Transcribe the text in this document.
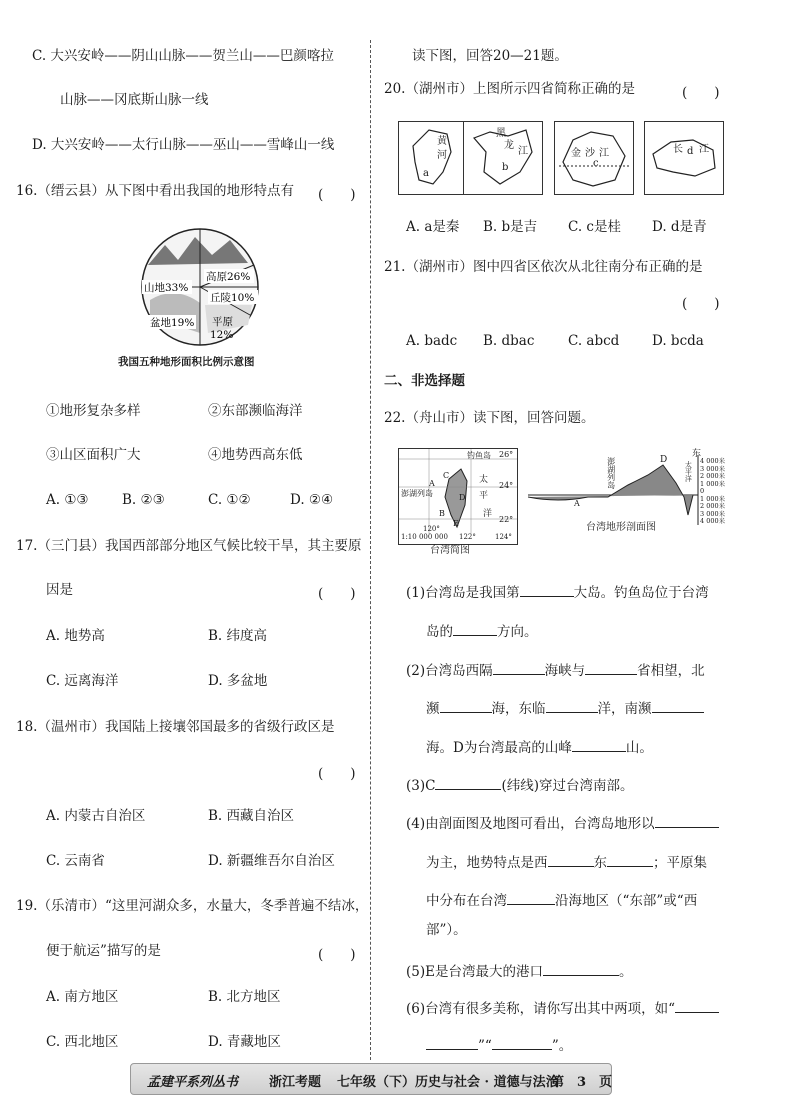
C. 大兴安岭——阴山山脉——贺兰山——巴颜喀拉
山脉——冈底斯山脉一线
D. 大兴安岭——太行山脉——巫山——雪峰山一线
16.（缙云县）从下图中看出我国的地形特点有 (　　)
山地33%
高原26%
丘陵10%
盆地19% 平原
12%
我国五种地形面积比例示意图
①地形复杂多样	②东部濒临海洋
③山区面积广大	④地势西高东低
A. ①③ B. ②③	C. ①②	D. ②④
17.（三门县）我国西部部分地区气候比较干旱，其主要原
因是	(　　)
A. 地势高	B. 纬度高
C. 远离海洋	D. 多盆地
18.（温州市）我国陆上接壤邻国最多的省级行政区是
(　　)
A. 内蒙古自治区	B. 西藏自治区
C. 云南省	D. 新疆维吾尔自治区
19.（乐清市）“这里河湖众多，水量大，冬季普遍不结冰，
便于航运”描写的是	(　　)
A. 南方地区	B. 北方地区
C. 西北地区	D. 青藏地区
读下图，回答20—21题。
20.（湖州市）上图所示四省简称正确的是	(　　)
黄
河
a
黑
龙
江
b
金 沙 江
c
长 d 江
A. a是秦 B. b是吉 C. c是桂 D. d是青
21.（湖州市）图中四省区依次从北往南分布正确的是
(　　)
A. badc B. dbac C. abcd D. bcda
二、非选择题
22.（舟山市）读下图，回答问题。
钓鱼岛 26°
24°
22°
澎湖列岛
太
平
洋
A
B
C
D
E
120°
122°	124°
1:10 000 000
台湾简图
澎湖列岛
A
D
东
太平洋 4 000米
3 000米
2 000米
1 000米
0
1 000米
2 000米
3 000米
4 000米
台湾地形剖面图
(1)台湾岛是我国第	大岛。钓鱼岛位于台湾
岛的	方向。
(2)台湾岛西隔	海峡与	省相望，北
濒	海，东临	洋，南濒
海。D为台湾最高的山峰	山。
(3)C	(纬线)穿过台湾南部。
(4)由剖面图及地图可看出，台湾岛地形以
为主，地势特点是西	东	；平原集
中分布在台湾	沿海地区（“东部”或“西
部”）。
(5)E是台湾最大的港口	。
(6)台湾有很多美称，请你写出其中两项，如“
”“	”。
孟建平系列丛书 浙江考题 七年级（下）历史与社会 · 道德与法治
第　3　页
